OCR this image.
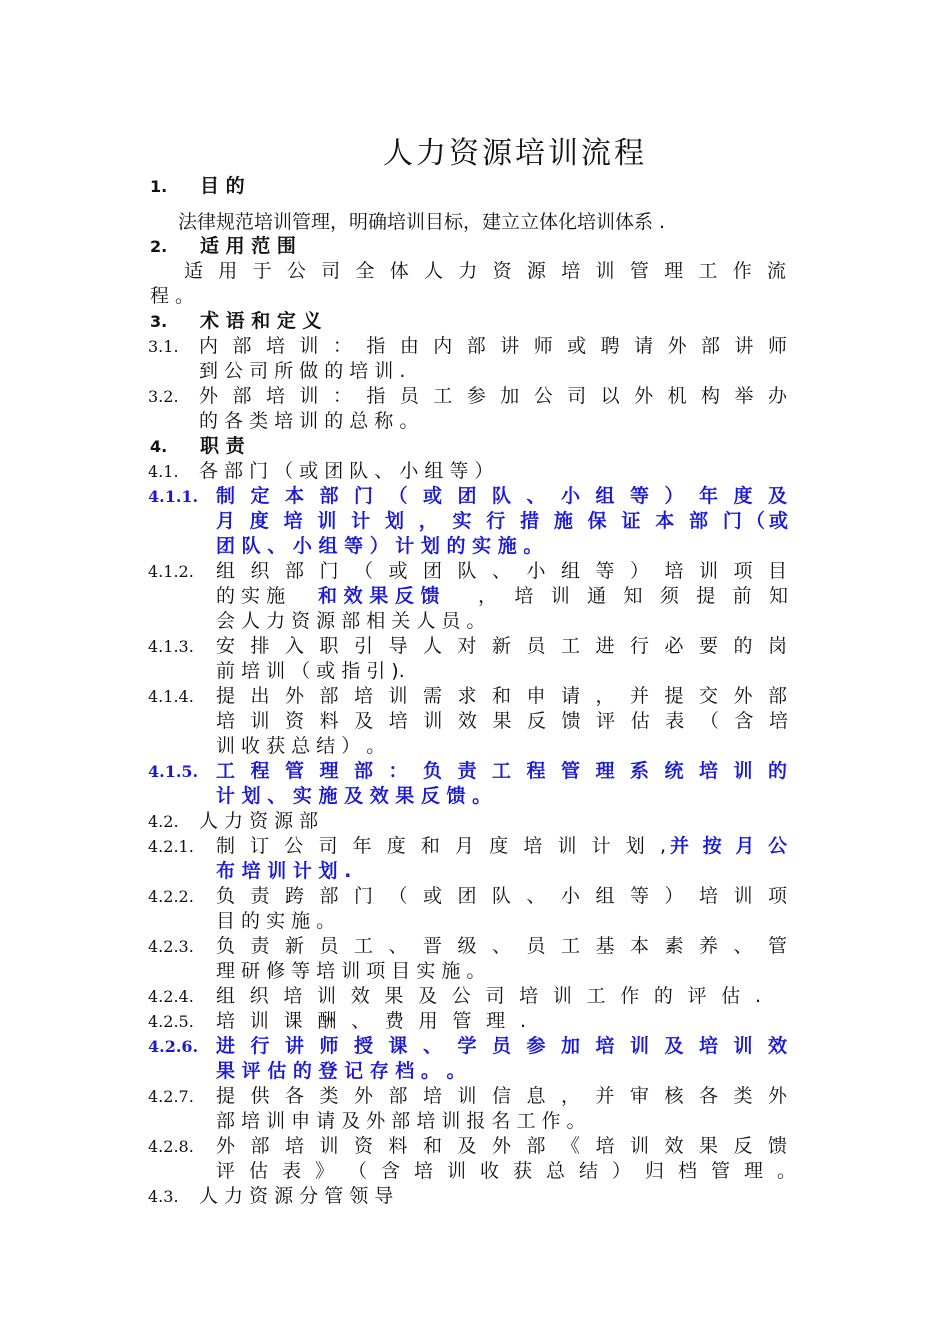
人力资源培训流程
1. 目 的
法律规范培训管理，明确培训目标，建立立体化培训体系 .
2. 适 用 范 围
适 用 于 公 司 全 体 人 力 资 源 培 训 管 理 工 作 流
程 。
3. 术 语 和 定 义
3.1. 内 部 培 训 ： 指 由 内 部 讲 师 或 聘 请 外 部 讲 师
到 公 司 所 做 的 培 训 .
3.2. 外 部 培 训 ： 指 员 工 参 加 公 司 以 外 机 构 举 办
的 各 类 培 训 的 总 称 。
4. 职 责
4.1. 各 部 门 （ 或 团 队 、 小 组 等 ）
4.1.1. 制 定 本 部 门 （ 或 团 队 、 小 组 等 ） 年 度 及
月 度 培 训 计 划 ， 实 行 措 施 保 证 本 部 门（或
团 队 、 小 组 等 ） 计 划 的 实 施 。
4.1.2. 组 织 部 门 （ 或 团 队 、 小 组 等 ） 培 训 项 目
的 实 施 和 效 果 反 馈 ， 培 训 通 知 须 提 前 知
会 人 力 资 源 部 相 关 人 员 。
4.1.3. 安 排 入 职 引 导 人 对 新 员 工 进 行 必 要 的 岗
前 培 训 （ 或 指 引 ).
4.1.4. 提 出 外 部 培 训 需 求 和 申 请 ， 并 提 交 外 部
培 训 资 料 及 培 训 效 果 反 馈 评 估 表 （ 含 培
训 收 获 总 结 ） 。
4.1.5. 工 程 管 理 部 ： 负 责 工 程 管 理 系 统 培 训 的
计 划 、 实 施 及 效 果 反 馈 。
4.2. 人 力 资 源 部
4.2.1. 制 订 公 司 年 度 和 月 度 培 训 计 划 , 并 按 月 公
布 培 训 计 划 .
4.2.2. 负 责 跨 部 门 （ 或 团 队 、 小 组 等 ） 培 训 项
目 的 实 施 。
4.2.3. 负 责 新 员 工 、 晋 级 、 员 工 基 本 素 养 、 管
理 研 修 等 培 训 项 目 实 施 。
4.2.4. 组 织 培 训 效 果 及 公 司 培 训 工 作 的 评 估 .
4.2.5. 培 训 课 酬 、 费 用 管 理 .
4.2.6. 进 行 讲 师 授 课 、 学 员 参 加 培 训 及 培 训 效
果 评 估 的 登 记 存 档 。 。
4.2.7. 提 供 各 类 外 部 培 训 信 息 ， 并 审 核 各 类 外
部 培 训 申 请 及 外 部 培 训 报 名 工 作 。
4.2.8. 外 部 培 训 资 料 和 及 外 部 《 培 训 效 果 反 馈
评 估 表 》 （ 含 培 训 收 获 总 结 ） 归 档 管 理 。
4.3. 人 力 资 源 分 管 领 导
